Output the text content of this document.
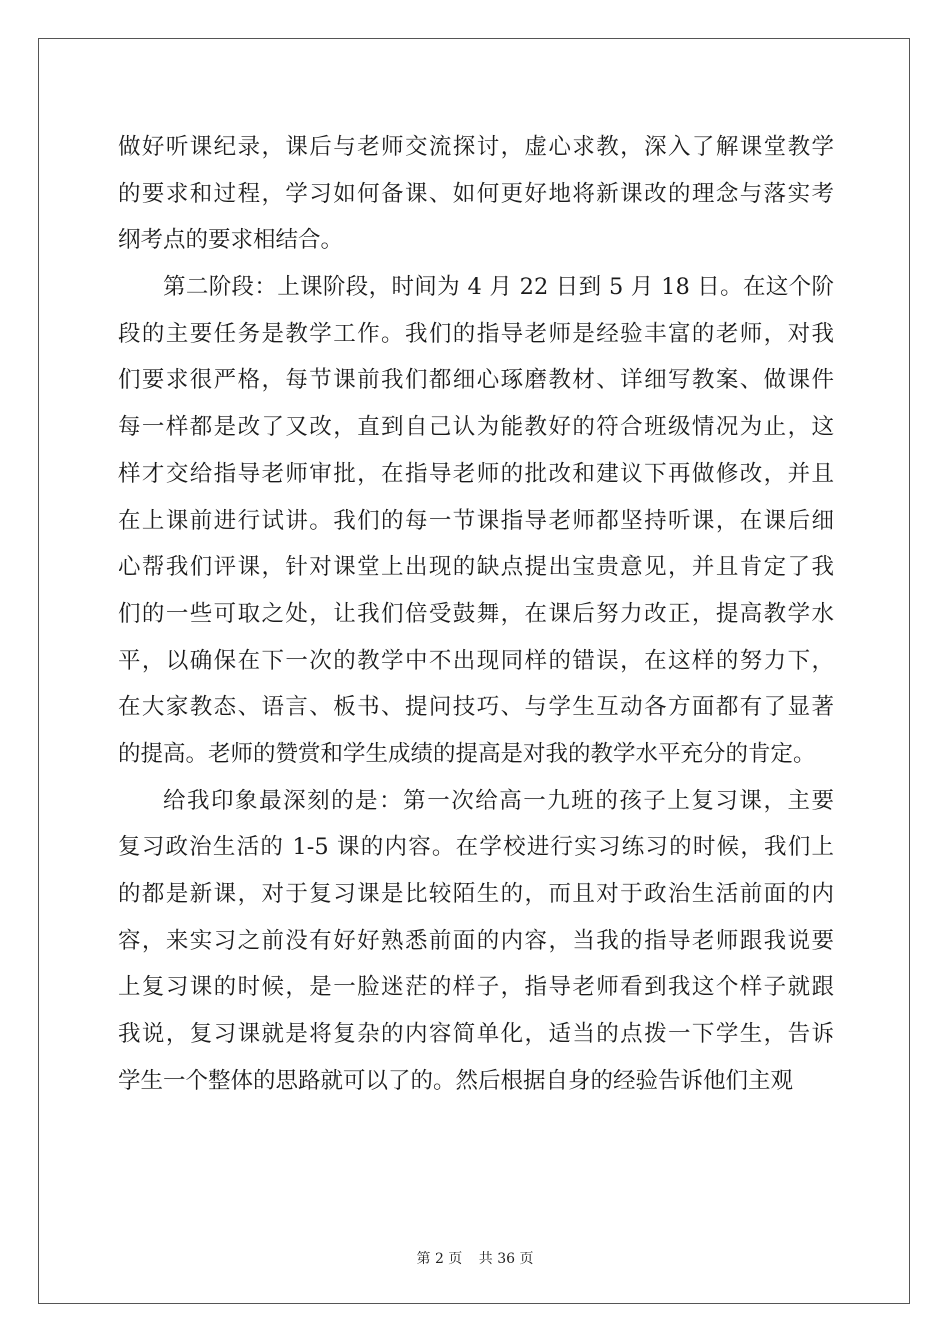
做好听课纪录，课后与老师交流探讨，虚心求教，深入了解课堂教学
的要求和过程，学习如何备课、如何更好地将新课改的理念与落实考
纲考点的要求相结合。
第二阶段：上课阶段，时间为 4 月 22 日到 5 月 18 日。在这个阶
段的主要任务是教学工作。我们的指导老师是经验丰富的老师，对我
们要求很严格，每节课前我们都细心琢磨教材、详细写教案、做课件
每一样都是改了又改，直到自己认为能教好的符合班级情况为止，这
样才交给指导老师审批，在指导老师的批改和建议下再做修改，并且
在上课前进行试讲。我们的每一节课指导老师都坚持听课，在课后细
心帮我们评课，针对课堂上出现的缺点提出宝贵意见，并且肯定了我
们的一些可取之处，让我们倍受鼓舞，在课后努力改正，提高教学水
平，以确保在下一次的教学中不出现同样的错误，在这样的努力下，
在大家教态、语言、板书、提问技巧、与学生互动各方面都有了显著
的提高。老师的赞赏和学生成绩的提高是对我的教学水平充分的肯定。
给我印象最深刻的是：第一次给高一九班的孩子上复习课，主要
复习政治生活的 1-5 课的内容。在学校进行实习练习的时候，我们上
的都是新课，对于复习课是比较陌生的，而且对于政治生活前面的内
容，来实习之前没有好好熟悉前面的内容，当我的指导老师跟我说要
上复习课的时候，是一脸迷茫的样子，指导老师看到我这个样子就跟
我说，复习课就是将复杂的内容简单化，适当的点拨一下学生，告诉
学生一个整体的思路就可以了的。然后根据自身的经验告诉他们主观
第 2 页 共 36 页
